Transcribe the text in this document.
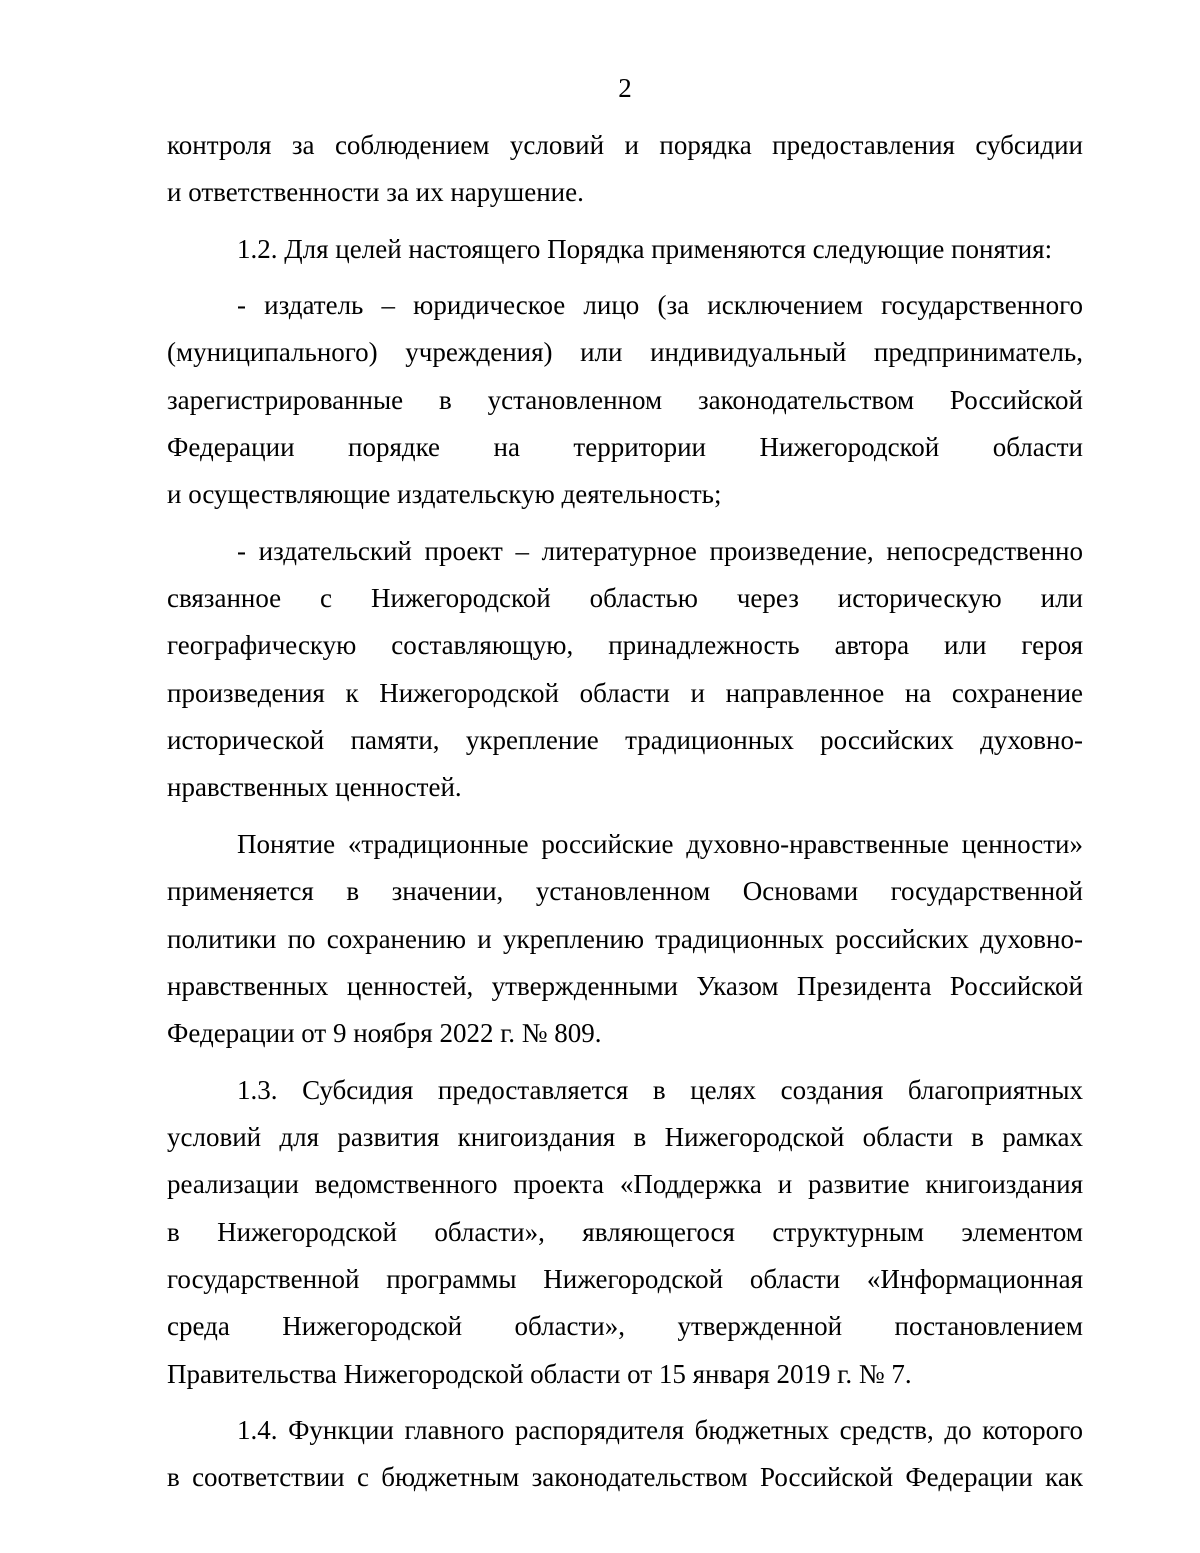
2
контроля за соблюдением условий и порядка предоставления субсидии
и ответственности за их нарушение.
1.2. Для целей настоящего Порядка применяются следующие понятия:
- издатель – юридическое лицо (за исключением государственного
(муниципального) учреждения) или индивидуальный предприниматель,
зарегистрированные в установленном законодательством Российской
Федерации порядке на территории Нижегородской области
и осуществляющие издательскую деятельность;
- издательский проект – литературное произведение, непосредственно
связанное с Нижегородской областью через историческую или
географическую составляющую, принадлежность автора или героя
произведения к Нижегородской области и направленное на сохранение
исторической памяти, укрепление традиционных российских духовно-
нравственных ценностей.
Понятие «традиционные российские духовно-нравственные ценности»
применяется в значении, установленном Основами государственной
политики по сохранению и укреплению традиционных российских духовно-
нравственных ценностей, утвержденными Указом Президента Российской
Федерации от 9 ноября 2022 г. № 809.
1.3. Субсидия предоставляется в целях создания благоприятных
условий для развития книгоиздания в Нижегородской области в рамках
реализации ведомственного проекта «Поддержка и развитие книгоиздания
в Нижегородской области», являющегося структурным элементом
государственной программы Нижегородской области «Информационная
среда Нижегородской области», утвержденной постановлением
Правительства Нижегородской области от 15 января 2019 г. № 7.
1.4. Функции главного распорядителя бюджетных средств, до которого
в соответствии с бюджетным законодательством Российской Федерации как
